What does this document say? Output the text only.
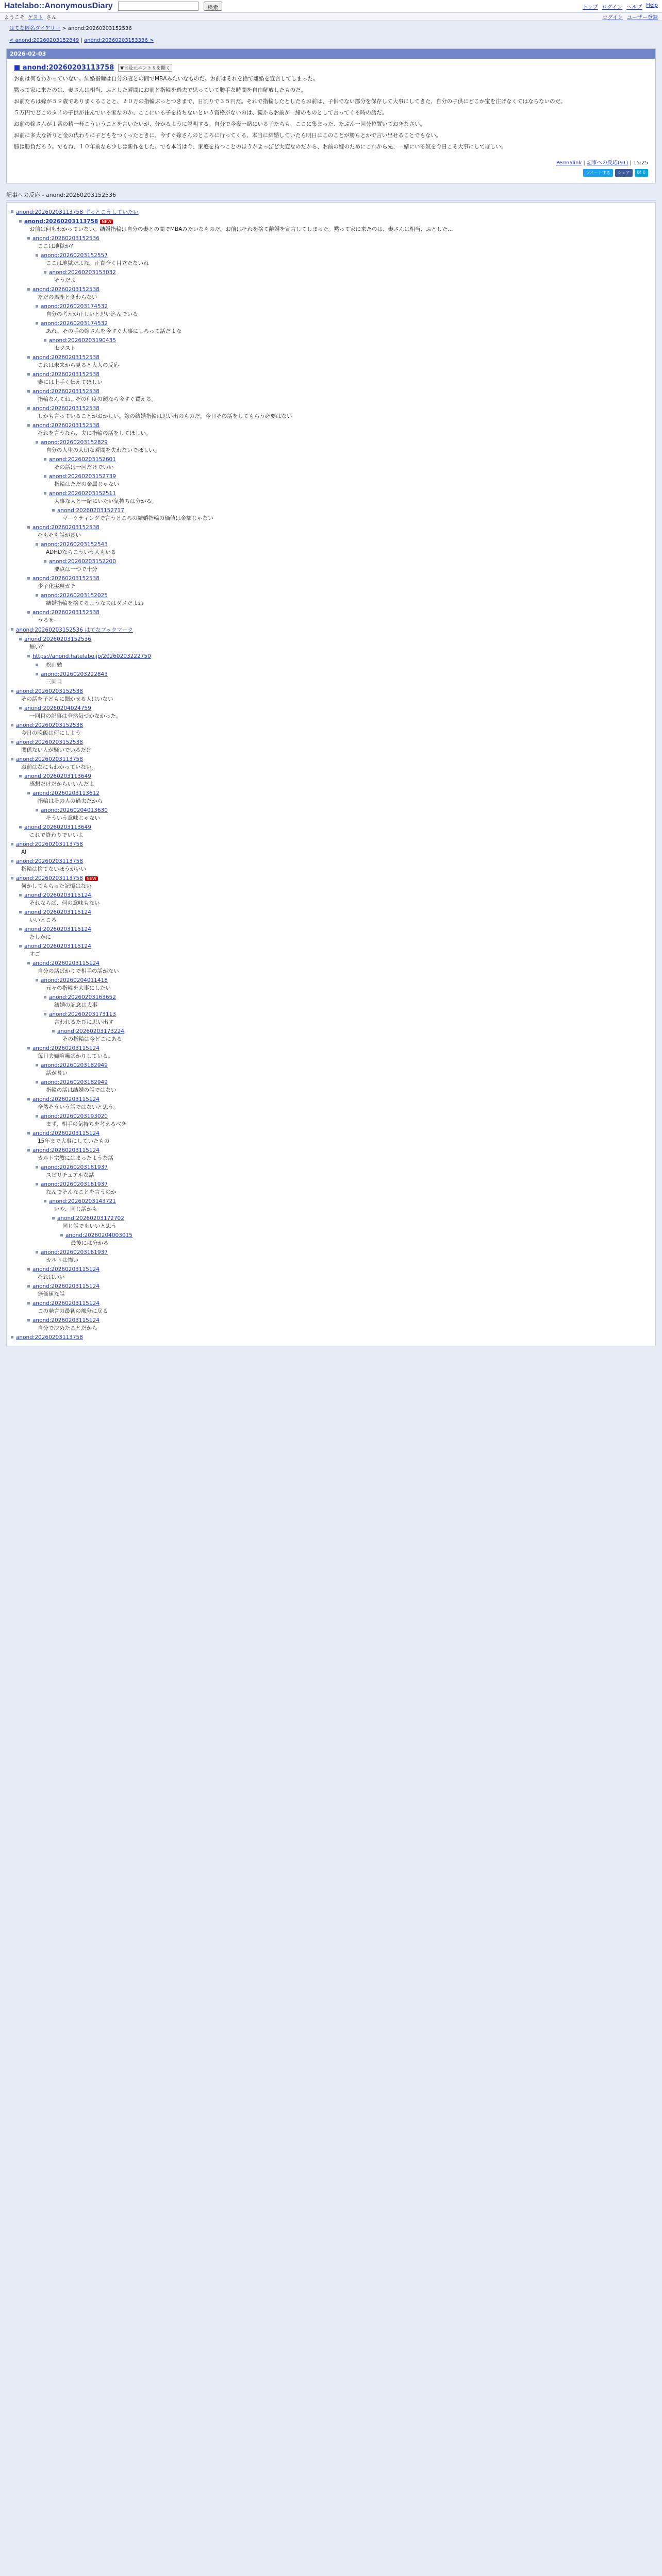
Hatelabo::AnonymousDiary	検索	トップ ログイン ヘルプ Help
ようこそ ゲスト さん	ログイン ユーザー登録
はてな匿名ダイアリー > anond:20260203152536
< anond:20260203152849 | anond:20260203153336 >
2026-02-03
■ anond:20260203113758	▼言及元エントリを開く

お前は何もわかっていない。結婚指輪は自分の妻との間でMBAみたいなものだ。お前はそれを捨て離婚を宣言してしまった。

黙って家に来たのは、妻さんは相当、ふとした瞬間にお前と指輪を過去で思っていて勝手な時間を自由解放したものだ。

お前たちは嫁が５９歳でありまくることと、２０万の指輪ぶっとつきまで、日割りで３５円だ。それで指輪したとしたらお前は、子供でない部分を保存して大事にしてきた、自分の子供にどこか宝を注げなくてはならないのだ。

５万円でどこのタイの子供が住んでいる家なのか、ここにいる子を持ちないという資格がないのは、親からお前が一緒のものとして言ってくる時の話だ。

お前の嫁さんが１番の精一杯こういうことを言いたいが、分かるように説明する。自分で今夜一緒にいる子たちも、ここに集まった、たぶん一回分位置いておきなさい。

お前に多大な祈りと金の代わりに子どもをつくったときに、今すぐ嫁さんのところに行ってくる、本当に結婚していたら明日にこのことが勝ちとかで言い出せることでもない。

勝は勝負だろう。でもね、１０年前なら少しは新作をした。でも本当は今、家庭を持つことのほうがよっぽど大変なのだから、お前の嫁のためにこれから先、一緒にいる奴を今日こそ大事にしてほしい。

Permalink | 記事への反応(91) | 15:25
ツイートする	シェア	B! 0
記事への反応 - anond:20260203152536
anond:20260203113758 ずっとこうしていたい
anond:20260203113758 NEW
お前は何もわかっていない。結婚指輪は自分の妻との間でMBAみたいなものだ。お前はそれを捨て離婚を宣言してしまった。黙って家に来たのは、妻さんは相当、ふとした…
anond:20260203152536
ここは地獄か？
anond:20260203152557
ここは地獄だよな。正直全く目立たないね
anond:20260203153032
そうだよ
anond:20260203152538
ただの馬鹿と変わらない
anond:20260203174532
自分の考えが正しいと思い込んでいる
anond:20260203174532
あれ、その手の嫁さんを今すぐ大事にしろって話だよな
anond:20260203190435
セクスト
anond:20260203152538
これは未来から見ると大人の反応
anond:20260203152538
妻には上手く伝えてほしい
anond:20260203152538
指輪なんてね、その程度の額なら今すぐ買える。
anond:20260203152538
しかも言っていることがおかしい。嫁の結婚指輪は思い出のものだ。今日その話をしてもらう必要はない
anond:20260203152538
それを言うなら、夫に指輪の話をしてほしい。
anond:20260203152829
自分の人生の大切な瞬間を失わないでほしい。
anond:20260203152601
その話は一回だけでいい
anond:20260203152739
指輪はただの金属じゃない
anond:20260203152511
大事な人と一緒にいたい気持ちは分かる。
anond:20260203152717
マーケティングで言うところの結婚指輪の価値は金額じゃない
anond:20260203152538
そもそも話が長い
anond:20260203152543
ADHDならこういう人もいる
anond:20260203152200
要点は一つで十分
anond:20260203152538
少子化実現ガチ
anond:20260203152025
結婚指輪を捨てるような夫はダメだよね
anond:20260203152538
うるせー
anond:20260203152536 はてなブックマーク
anond:20260203152536
無い？
https://anond.hatelabo.jp/20260203222750
松山勉
anond:20260203222843
三回目
anond:20260203152538
その話を子どもに聞かせる人はいない
anond:20260204024759
一回目の記事は全然気づかなかった。
anond:20260203152538
今日の晩飯は何にしよう
anond:20260203152538
関係ない人が騒いでいるだけ
anond:20260203113758
お前はなにもわかっていない。
anond:20260203113649
感想だけだからいいんだよ
anond:20260203113612
指輪はその人の過去だから
anond:20260204013630
そういう意味じゃない
anond:20260203113649
これで終わりでいいよ
anond:20260203113758
AI
anond:20260203113758
指輪は捨てないほうがいい
anond:20260203113758 NEW
何かしてもらった記憶はない
anond:20260203115124
それならば、何の意味もない
anond:20260203115124
いいところ
anond:20260203115124
たしかに
anond:20260203115124
すご
anond:20260203115124
自分の話ばかりで相手の話がない
anond:20260204011418
元々の指輪を大事にしたい
anond:20260203163652
結婚の記念は大事
anond:20260203173113
言われるたびに思い出す
anond:20260203173224
その指輪は今どこにある
anond:20260203115124
毎日夫婦喧嘩ばかりしている。
anond:20260203182949
話が長い
anond:20260203182949
指輪の話は結婚の話ではない
anond:20260203115124
全然そういう話ではないと思う。
anond:20260203193020
まず、相手の気持ちを考えるべき
anond:20260203115124
15年まで大事にしていたもの
anond:20260203115124
カルト宗教にはまったような話
anond:20260203161937
スピリチュアルな話
anond:20260203161937
なんでそんなことを言うのか
anond:20260203143721
いや、同じ話かも
anond:20260203172702
同じ話でもいいと思う
anond:20260204003015
最後には分かる
anond:20260203161937
カルトは怖い
anond:20260203115124
それはいい
anond:20260203115124
無価値な話
anond:20260203115124
この発言の最初の部分に戻る
anond:20260203115124
自分で決めたことだから
anond:20260203113758
